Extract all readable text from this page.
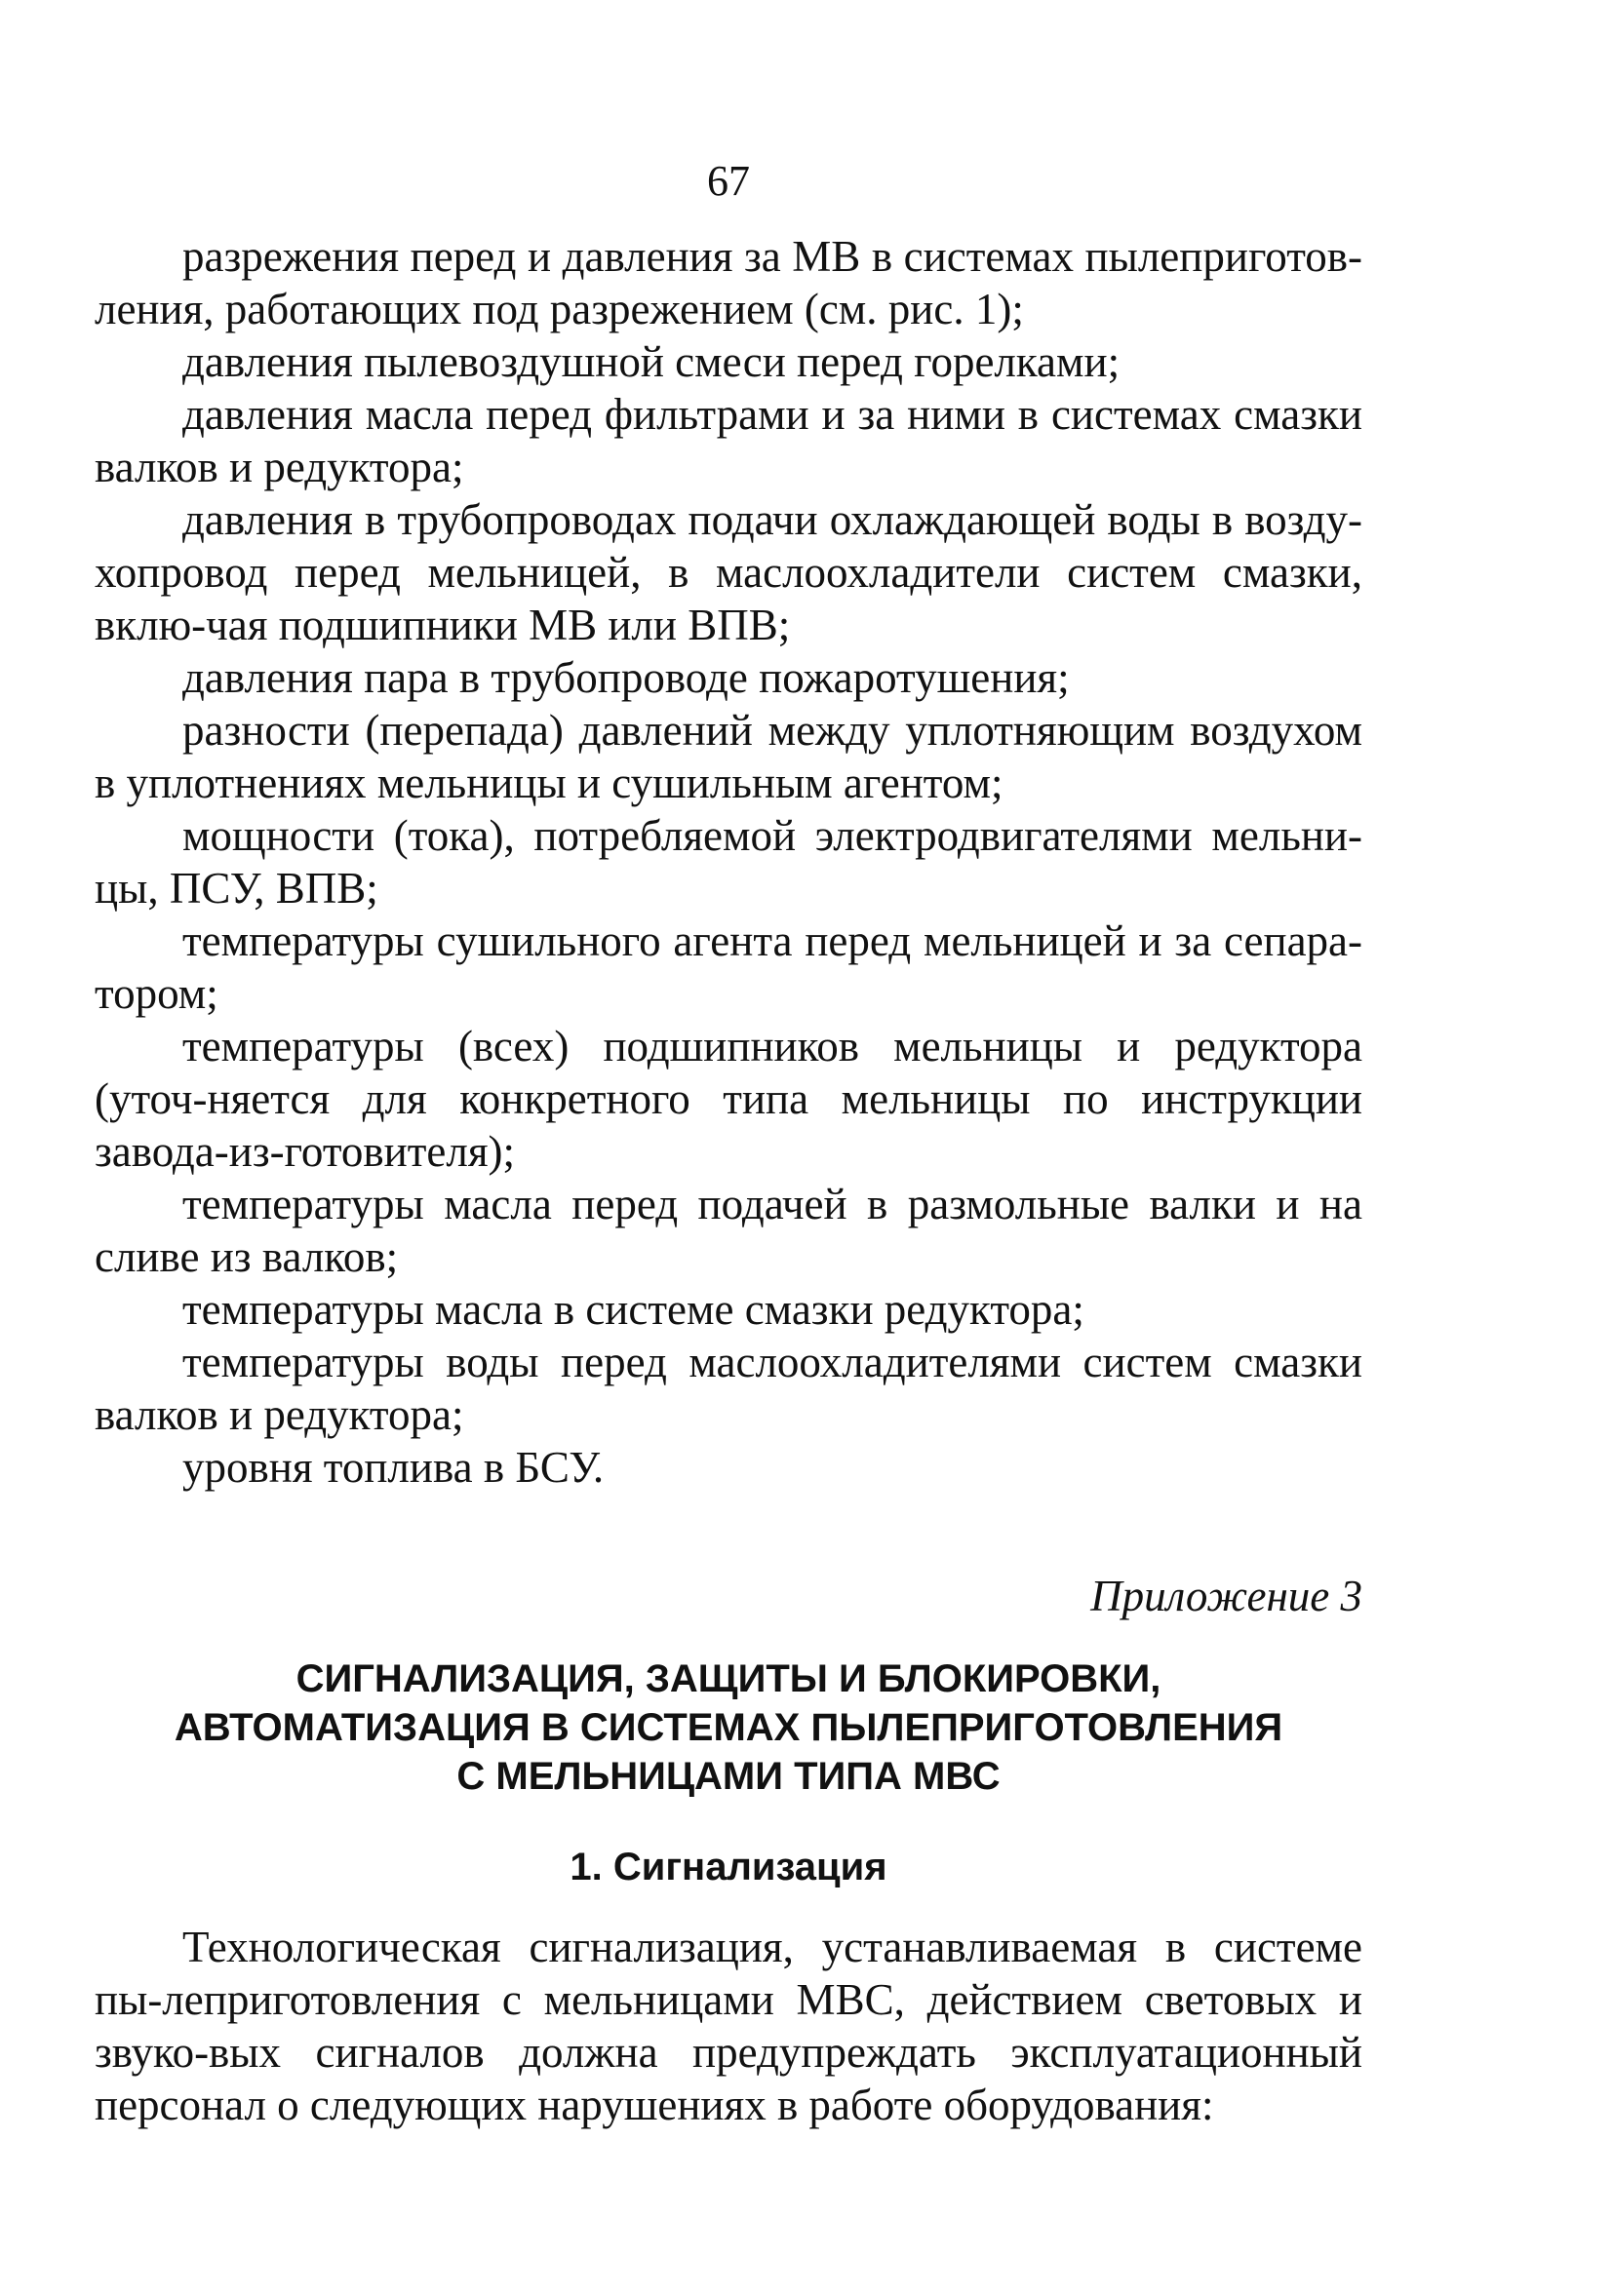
67

разрежения перед и давления за МВ в системах пылеприготов-ления, работающих под разрежением (см. рис. 1);

давления пылевоздушной смеси перед горелками;

давления масла перед фильтрами и за ними в системах смазки валков и редуктора;

давления в трубопроводах подачи охлаждающей воды в возду-хопровод перед мельницей, в маслоохладители систем смазки, вклю-чая подшипники МВ или ВПВ;

давления пара в трубопроводе пожаротушения;

разности (перепада) давлений между уплотняющим воздухом в уплотнениях мельницы и сушильным агентом;

мощности (тока), потребляемой электродвигателями мельни-цы, ПСУ, ВПВ;

температуры сушильного агента перед мельницей и за сепара-тором;

температуры (всех) подшипников мельницы и редуктора (уточ-няется для конкретного типа мельницы по инструкции завода-из-готовителя);

температуры масла перед подачей в размольные валки и на сливе из валков;

температуры масла в системе смазки редуктора;

температуры воды перед маслоохладителями систем смазки валков и редуктора;

уровня топлива в БСУ.

Приложение 3
СИГНАЛИЗАЦИЯ, ЗАЩИТЫ И БЛОКИРОВКИ,
АВТОМАТИЗАЦИЯ В СИСТЕМАХ ПЫЛЕПРИГОТОВЛЕНИЯ
С МЕЛЬНИЦАМИ ТИПА МВС
1. Сигнализация

Технологическая сигнализация, устанавливаемая в системе пы-леприготовления с мельницами МВС, действием световых и звуко-вых сигналов должна предупреждать эксплуатационный персонал о следующих нарушениях в работе оборудования:
